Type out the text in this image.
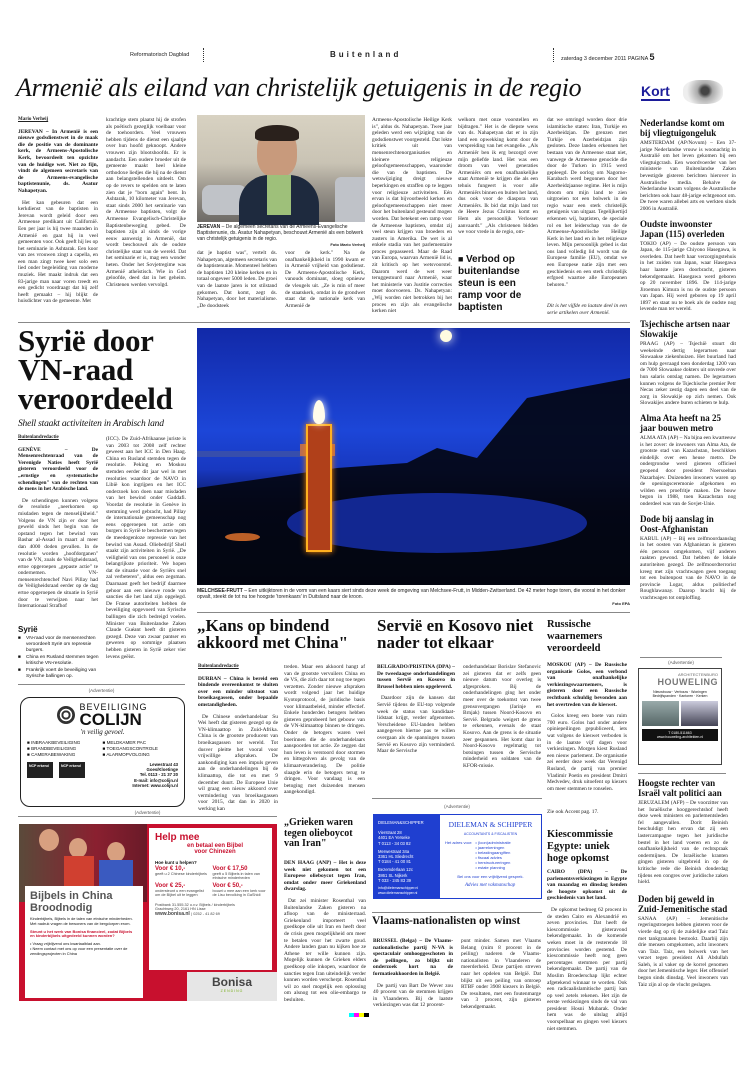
Reformatorisch Dagblad	Buitenland	zaterdag 3 december 2011 PAGINA 5
Armenië als eiland van christelijk getuigenis in de regio
Mario Verheij
JEREVAN – In Armenië is een nieuwe godsdienstwet in de maak die de positie van de dominante kerk, de Armeens-Apostolische Kerk, bevoordeelt ten opzichte van de huidige wet. Niet zo fijn, vindt de algemeen secretaris van de Armeens-evangelische baptistenunie, ds. Asatur Nahapetyan.

Het kan gebeuren dat een kerkdienst van de baptisten in Jerevan wordt geleid door een Armeense predikant uit Californië. Een per jaar is hij twee maanden in Armenië en gaat hij in veel gemeenten voor. Ook geeft hij les op het seminarie in Ashtarak. Een koor van zes vrouwen zingt a capella, en een man zingt twee keer solo een lied onder begeleiding van moderne muziek. Het maakt indruk dat een 83-jarige man naar voren treedt en een gedicht voordraagt dat hij zelf heeft gemaakt – hij blijkt de huisdichter van de gemeente. Met

krachtige stem plaatst hij de strofen als poëtisch gezeglijk voelbaar voor de toehoorders. Veel vrouwen hebben tijdens de dienst een sjaaltje over hun hoofd geknoopt. Andere vrouwen zijn blootshoofds. Er is aandacht. Een oudere broeder uit de gemeente maakt heel kleine orthodoxe liedjes die hij na de dienst aan belangstellenden uitdeelt. Om op de revers te spelden om te laten zien dat je "born again" bent. In Ashtarak, 10 kilometer van Jerevan, staat sinds 2000 het seminarie van de Armeense baptisten, volgt de Armeense Evangelisch-Christelijke Baptistenbeweging gebed. De baptisten zijn al sinds de vorige eeuw aanwezig in Armenië, dat wordt beschouwd als de oudste christelijke staat van de wereld. Dat het seminarie er is, mag een wonder heten. Onder het Sovjetregime was Armenië atheïstisch. Wie in God geloofde, deed dat in het geheim. Christenen werden vervolgd.
JEREVAN – De algemeen secretaris van de Armeens-Evangelische Baptistenunie, ds. Asatur Nahapetyan, beschouwt Armenië als een bolwerk van christelijk getuigenis in de regio.
Foto Mario Verheij
dat je baptist was", vertelt ds. Nahapetyan, algemeen secretaris van de baptistenunie. Momenteel hebben de baptisten 120 kleine kerken en in totaal ongeveer 5000 leden. De groei van de laatste jaren is tot stilstand gekomen. Dat komt, zegt ds. Nahapetyan, door het materialisme. „De doodsteek
voor de kerk." Na de onafhankelijkheid in 1990 kwam er in Armenië vrijheid van godsdienst. De Armeens-Apostolische Kerk, vanouds dominant, sloeg opnieuw de vleugels uit. „Ze is min of meer de staatskerk, omdat in de grondwet staat dat de nationale kerk van Armenië de
Armeens-Apostolische Heilige Kerk is", aldus ds. Nahapetyan. Twee jaar geleden werd een wijziging van de godsdienstwet voorgesteld. Dat lokte kritiek uit van mensenrechtenorganisaties en kleinere religieuze geloofsgemeenschappen, waaronder die van de baptisten. De wetswijziging dreigt nieuwe beperkingen en straffen op te leggen voor religieuze activiteiten. Eén ervan is dat bijvoorbeeld kerken en geloofsgemeenschappen niet meer door het buitenland gesteund mogen worden. Dat betekent een ramp voor de Armeense baptisten, omdat zij veel steun krijgen van broeders en zusters in Amerika. De wet is al enkele stadia van het parlementaire proces gepasseerd. Maar de Raad van Europa, waarvan Armenië lid is, zit kritisch op het wetsvoorstel. Daarom werd de wet weer teruggestuurd naar Armenië, waar het ministerie van Justitie correcties moet doorvoeren. Ds. Nahapetyan: „Wij worden niet betrokken bij het proces en zijn als evangelische kerken niet
welkom met onze voorstellen en bijdragen." Het is de diepste wens van ds. Nahapetyan dat er in zijn land een opwekking komt door de verspreiding van het evangelie. „Als Armeniër ben ik erg bezorgd over mijn geliefde land. Het was een droom van veel generaties Armeniërs om een onafhankelijke staat Armenië te krijgen die als een tehuis fungeert is voor alle Armeniërs binnen en buiten het land, dus ook voor de diaspora van Armeniërs. Ik bid dat mijn land tot de Heere Jezus Christus komt en Hem als persoonlijk Verlosser aanvaardt." „Als christenen bidden we voor vrede in de regio, om-
■ Verbod op buitenlandse steun is een ramp voor de baptisten
dat we omringd worden door drie islamitische staten: Iran, Turkije en Azerbeidzjan. De grenzen met Turkije en Azerbeidzjan zijn gesloten. Deze landen erkennen het bestaan van de Armeense staat niet, vanwege de Armeense genocide die door de Turken in 1915 werd gepleegd. De oorlog om Nagorno-Karabach werd begonnen door het Azerbeidzjaanse regime. Het is mijn droom om mijn land te zien uitgroeien tot een bolwerk in de regio waar een sterk christelijk getuigenis van uitgaat. Tegelijkertijd erkennen wij, baptisten, de speciale rol en het leiderschap van de de Armeense-Apostolische Heilige Kerk in het land en in het religieuze leven. Mijn persoonlijk gebed is dat ons land volledig lid wordt van de Europese familie (EU), omdat we een Europese natie zijn met een geschiedenis en een sterk christelijk erfgoed waartoe alle Europeanen behoren."
Dit is het vijfde en laatste deel in een serie artikelen over Armenië.
Kort
Nederlandse komt om bij vliegtuigongeluk
AMSTERDAM (AP/Novum) – Een 37-jarige Nederlandse vrouw is woonachtig in Australië om het leven gekomen bij een vliegtuigcrash. Een woordvoerder van het ministerie van Buitenlandse Zaken bevestigde gisteren berichten hierover in Australische media. Behalve de Nederlandse kwam volgens de Australische berichten ook haar 48-jarige echtgenoot om. De twee waren allebei arts en werkten sinds 2006 in Australië.
Oudste inwoonster Japan (115) overleden
TOKIO (AP) – De oudste persoon van Japan, de 115-jarige Chiyono Hasegawa, is overleden. Dat heeft haar verzorgingstehuis in het zuiden van Japan, waar Hasegawa haar laatste jaren doorbracht, gisteren bekendgemaakt. Hasegawa werd geboren op 20 november 1896. De 114-jarige Jiroemon Kimura is nu de oudste persoon van Japan. Hij werd geboren op 19 april 1897 en staat nu te boek als de oudste nog levende man ter wereld.
Tsjechische artsen naar Slowakije
PRAAG (AP) – Tsjechië stuurt dit weekeinde dertig legerartsen naar Slowaakse ziekenhuizen. Het buurland had om hulp gevraagd toen donderdag 1200 van de 7000 Slowaakse dokters uit onvrede over hun salaris ontslag namen. De legerartsen kunnen volgens de Tsjechische premier Petr Necas zeker zestig dagen een deel van de zorg in Slowakije op zich nemen. Ook Slowakijes andere buren schieten te hulp.
Alma Ata heeft na 25 jaar bouwen metro
ALMA ATA (AP) – Na bijna een kwarteeuw is het zover: de inwoners van Alma Ata, de grootste stad van Kazachstan, beschikken eindelijk over een heuse metro. De ondergrondse werd gisteren officieel geopend door president Noersoeltan Nazarbajev. Duizenden inwoners waren op de openingsceremonie afgekomen en wilden een proefritje maken. De bouw begon in 1988, toen Kazachstan nog onderdeel was van de Sovjet-Unie.
Dode bij aanslag in Oost-Afghanistan
KABUL (AP) – Bij een zelfmoordaanslag in het oosten van Afghanistan is gisteren één persoon omgekomen, vijf anderen raakten gewond. Dat hebben de lokale autoriteiten gezegd. De zelfmoordterrorist kreeg met zijn vrachtwagen geen toegang tot een buitenpost van de NAVO in de provincie Logar, aldus politiechef Roughlawanay. Daarop bracht hij de vrachtwagen tot ontploffing.
(Advertentie)
ARCHITECTENBURO
HOUWELING
Nieuwbouw · Verbouw · Woningen Bedrijfspanden · Kantoren · Kerken
T 0180-511663
www.houweling-architekten.nl
Hoogste rechter van Israël valt politici aan
JERUZALEM (AFP) – De voorzitter van het Israëlische hooggerechtshof heeft deze week ministers en parlementsleden fel aangevallen. Dorit Beinish beschuldigt hen ervan dat zij een lastercampagne tegen het juridische bestel in het land voeren en zo de onafhankelijkheid van de rechtspraak ondermijnen. De Israëlische kranten gingen gisteren uitgebreid in op de kritische rede die Beinish donderdag tijdens een congres over juridische zaken hield.
Doden bij geweld in Zuid-Jemenitische stad
SANAA (AP) – Jemenitische regeringstroepen hebben gisteren voor de vierde dag op rij de zuidelijke stad Taiz met tankgranaten bestookt. Daarbij zijn drie mensen omgekomen, acht inwoners van Taiz. Taiz, een bolwerk van het verzet tegen president Ali Abdullah Saleh, is al vaker op de korrel genomen door het Jemenitische leger. Het offensief begon sinds dinsdag. Veel inwoners van Taiz zijn al op de vlucht geslagen.
Syrië door VN-raad veroordeeld
Shell staakt activiteiten in Arabisch land
Buitenlandredactie
GENÈVE – De Mensenrechtenraad van de Verenigde Naties heeft Syrië gisteren veroordeeld voor de „ernstige en systematische schendingen" van de rechten van de mens in het Arabische land.

De schendingen kunnen volgens de resolutie „neerkomen op misdaden tegen de menselijkheid." Volgens de VN zijn er door het geweld sinds het begin van de opstand tegen het bewind van Bashar al-Assad in maart al meer dan 4000 doden gevallen. In de resolutie worden „hoofdorganen" van de VN, zoals de Veiligheidsraad, ertoe opgeroepen „gepaste actie" te ondernemen. VN-mensenrechtenchef Navi Pillay had de Veiligheidsraad eerder op de dag ertoe opgeroepen de situatie in Syrië door te verwijzen naar het Internationaal Strafhof

(ICC). De Zuid-Afrikaanse juriste is van 2003 tot 2008 zelf rechter geweest aan het ICC in Den Haag. China en Rusland stemden tegen de resolutie. Peking en Moskou stemden eerder dit jaar wel in met resoluties waardoor de NAVO in Libië kon ingrijpen en het ICC onderzoek kon doen naar misdaden van het bewind onder Gaddafi. Voordat de resolutie in Genève in stemming werd gebracht, had Pillay de internationale gemeenschap nog eens opgeroepen tot actie om burgers in Syrië te beschermen tegen de meedogenloze repressie van het bewind van Assad. Oliebedrijf Shell staakt zijn activiteiten in Syrië. „De veiligheid van ons personeel is onze belangrijkste prioriteit. We hopen dat de situatie voor de Syriërs snel zal verbeteren", aldus een zegsman. Daarnaast geeft het bedrijf daarmee gehoor aan een nieuwe ronde van sancties die het land zijn opgelegd. De Franse autoriteiten hebben de beveiliging opgevoerd van Syrische ballingen die zich bedreigd voelen. Minister van Buitenlandse Zaken Claude Guéant heeft dit gisteren gezegd. Deze van zwaar pantser en geweren op sommige plaatsen hebben gisteren in Syrië zeker vier levens geëist.
Syrië
■ VN-raad voor de mensenrechten veroordeelt Syrië om repressie burgers.
■ China en Rusland stemmen tegen kritische VN-resolutie.
■ Frankrijk voert de beveiliging van Syrische ballingen op.
MELCHSEE-FRUTT – Een uitkijktoren in de vorm van een kaars siert sinds deze week de omgeving van Melchsee-Frutt, in Midden-Zwitserland. De 42 meter hoge toren, die vooral in het donker opvalt, steekt de tot nu toe hoogste 'torenkaars' in Duitsland naar de kroon.
Foto EPA
„Kans op bindend akkoord met China"
Buitenlandredactie
DURBAN – China is bereid een bindende overeenkomst te sluiten over een minder uitstoot van broeikasgassen, onder bepaalde omstandigheden.

De Chinese onderhandelaar Su Wei heeft dat gisteren gezegd op de VN-klimaattop in Zuid-Afrika. China is de grootste producent van broeikasgassen ter wereld. Tot dusver pleitte het vooral voor vrijwillige afspraken. De aankondiging kan een impuls geven aan de onderhandelingen bij de klimaattop, die tot en met 9 december duurt. De Europese Unie wil graag een nieuw akkoord over vermindering van broeikasgassen voor 2015, dat dan in 2020 in werking kan

treden. Maar een akkoord hangt af van de grootste vervuilers China en de VS, die zich daar tot nog toe tegen verzetten. Zonder nieuwe afspraken wordt volgend jaar het huidige Kyotoprotocol, de juridische basis voor klimaatbeleid, minder effectief. Enkele honderden betogers hebben gisteren geprobeerd het gebouw van de VN-klimaattop binnen te dringen. Onder de betogers waren veel boerinnen die de onderhandelaars aanspoorden tot actie. Ze zeggen dat hun leven is verstoord door stormen en hittegolven als gevolg van de klimaatverandering. De politie slaagde erin de betogers terug te dringen. Voor vandaag is een betoging met duizenden mensen aangekondigd.
Servië en Kosovo niet nader tot elkaar
BELGRADO/PRISTINA (DPA) – De tweedaagse onderhandelingen tussen Servië en Kosovo in Brussel hebben niets opgeleverd.

Daardoor zijn de kansen dat Servië tijdens de EU-top volgende week de status van kandidaat-lidstaat krijgt, verder afgenomen. Verscheidene EU-landen hebben aangegeven hiertoe pas te willen overgaan als de spanningen tussen Servië en Kosovo zijn verminderd. Maar de Servische

onderhandelaar Borislav Stefanovic zei gisteren dat er zelfs geen nieuwe datum voor overleg is afgesproken. Bij de onderhandelingen ging het onder meer over de toekomst van twee grensovergangen (Jarinje en Brnjak) tussen Noord-Kosovo en Servië. Belgrado weigert de grens te erkennen, evenals de staat Kosovo. Aan de grens is de situatie zeer gespannen. Het komt daar in Noord-Kosovo regelmatig tot botsingen tussen de Servische minderheid en soldaten van de KFOR-missie.
Russische waarnemers veroordeeld
MOSKOU (AP) – De Russische organisatie Golos, een verbond van onafhankelijke verkiezingswaarnemers, is gisteren door een Russische rechtbank schuldig bevonden aan het overtreden van de kieswet.

Golos kreeg een boete van ruim 700 euro. Golos had onder andere opiniepeilingen gepubliceerd, iets wat volgens de kieswet verboden is in de laatste vijf dagen voor verkiezingen. Morgen kiest Rusland een nieuw parlement. De organisatie zei eerder deze week dat Verenigd Rusland, de partij van premier Vladimir Poetin en president Dmitri Medvedev, druk uitoefent op kiezers om meer stemmen te ronselen.

Zie ook Accent pag. 17.
Kiescommissie Egypte: uniek hoge opkomst
CAIRO (DPA) – De parlementsverkiezingen in Egypte van maandag en dinsdag kenden de hoogste opkomst uit de geschiedenis van het land.

De opkomst bedroeg 62 procent in de steden Cairo en Alexandrië en zeven provincies. Dat heeft de kiescommissie gisteravond bekendgemaakt. In de komende weken moet in de resterende 18 provincies worden gestemd. De kiescommissie heeft nog geen percentages stemmen per partij bekendgemaakt. De partij van de Moslim Broederschap lijkt echter afgetekend winnaar te worden. Ook een radicaalislamitische partij kan op veel zetels rekenen. Het zijn de eerste verkiezingen sinds de val van president Hosni Mubarak. Onder hem was de uitslag altijd voorspelbaar en gingen veel kiezers niet stemmen.

(Advertentie)
BEVEILIGING
COLIJN
'n veilig gevoel.
■ INBRAAKBEVEILIGING	■ MELDKAMER PAC
■ BRANDBEVEILIGING	■ TOEGANGSCONTROLE
■ CAMERABEWAKING	■ ALARMOPVOLGING
NCP erkend	NCP erkend	Lewestraat 43
Goes/Kloetinge
Tel. 0113 - 21 37 20
E-mail: info@colijn.nl
Internet: www.colijn.nl
(Advertentie)
Help mee
en betaal een Bijbel voor Chinezen
Hoe kunt u helpen?
Voor € 10,-
geeft u 2 Chinese kinderbijbels
Voor € 17,50
geeft u 5 Bijbels in talen van etnische minderheden
Voor € 25,-
ondersteunt u een evangelist om de Bijbel uit te leggen
Voor € 50,-
bouwt u mee aan een kerk voor de Lisu bevolking in GaShidi
Postbank 31.555.32 o.v.v. Bijbels / kinderbijbels
Grachtweg 20, 2161 HN Lisse
www.bonisa.nl | 0252 - 41 82 69
Bijbels in China Broodnodig
Kinderbijbels, Bijbels in de talen van etnische minderheden. Met nadruk vragen de bewoners van de bergdorpen erom.
Steunt u het werk van Bonisa financieel, zodat Bijbels en kinderbijbels uitgedeeld kunnen worden?
• Vraag vrijblijvend ons kwartaalblad aan.
• Neem contact met ons op voor een presentatie over de zendingsprojecten in China
Bonisa
ZENDING
„Grieken waren tegen olieboycot van Iran"
DEN HAAG (ANP) – Het is deze week niet gekomen tot een Europese olieboycot tegen Iran, omdat onder meer Griekenland dwarslag.

Dat zei minister Rosenthal van Buitenlandse Zaken gisteren na afloop van de ministerraad. Griekenland importeert veel goedkope olie uit Iran en heeft door de crisis geen mogelijkheid om meer te betalen voor het zwarte goud. Andere landen gaan nu kijken hoe ze Athene ter wille kunnen zijn. Mogelijk kunnen de Grieken elders goedkoop olie inkopen, waardoor de sancties tegen Iran uiteindelijk verder kunnen worden verscherpt. Rosenthal wil zo snel mogelijk een oplossing om alsnog tot een olie-embargo te besluiten.

(Advertentie)
DIELEMAN&SCHIPPER
Vierstraat 28
4401 EA Yerseke
T 0113 - 34 03 82
Merwestraat 34a
3361 HL Sliedrecht
T 0184 - 41 00 81
Bezemderlaan 12c
3861 SL Nijkerk
T 033 - 245 83 39
info@dielemanschipper.nl
www.dielemanschipper.nl
DIELEMAN & SCHIPPER
ACCOUNTANTS & FISCALISTEN
Het adres voor: • (loon)administratie
• jaarrekeningen
• belastingaangiften
• fiscaal advies
• herstructureringen
• estate planning
Bel ons voor een vrijblijvend gesprek.
Advies met vakmanschap
Vlaams-nationalisten op winst
BRUSSEL (Belga) – De Vlaams-nationalistische partij N-VA is spectaculair omhooggeschoten in de peilingen, zo blijkt uit onderzoek kort na de formatieakkoorden in België.

De partij van Bart De Wever zou 40 procent van de stemmen krijgen in Vlaanderen. Bij de laatste verkiezingen was dat 12 procent-

punt minder. Samen met Vlaams Belang (ruim 8 procent in de peiling) naderen de Vlaams-nationalisten in Vlaanderen de meerderheid. Deze partijen streven naar het opdelen van België. Dat blijkt uit een peiling van omroep RTBF onder 3908 kiezers in België. De resultaten, met een foutenmarge van 3 procent, zijn gisteren bekendgemaakt.
